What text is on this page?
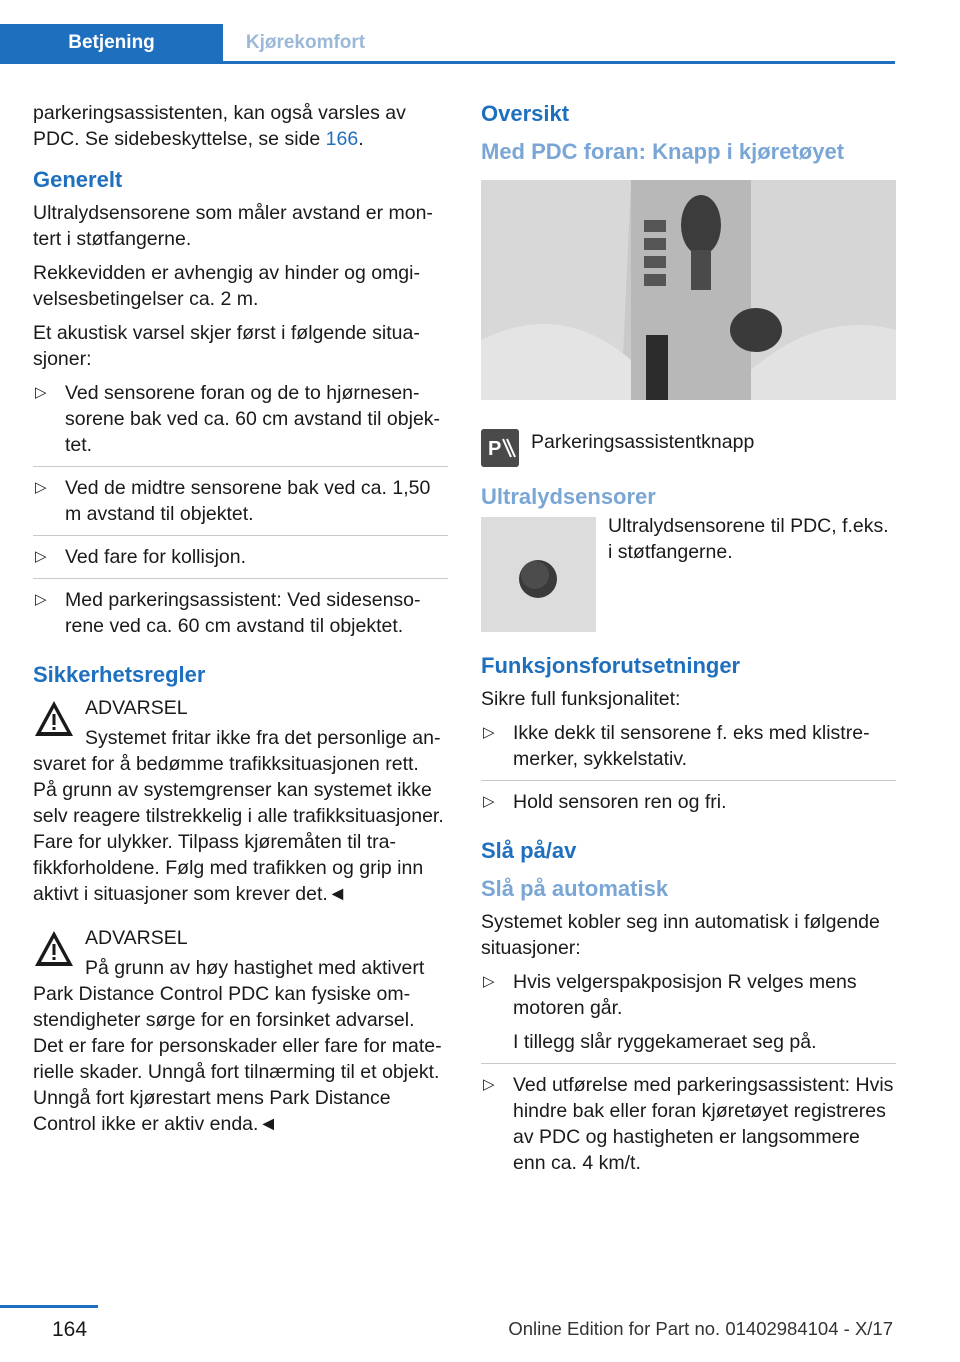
Betjening	Kjørekomfort

parkeringsassistenten, kan også varsles av PDC. Se sidebeskyttelse, se side 166.

Generelt

Ultralydsensorene som måler avstand er montert i støtfangerne.

Rekkevidden er avhengig av hinder og omgivelsesbetingelser ca. 2 m.

Et akustisk varsel skjer først i følgende situasjoner:

▷ Ved sensorene foran og de to hjørnesensorene bak ved ca. 60 cm avstand til objektet.
▷ Ved de midtre sensorene bak ved ca. 1,50 m avstand til objektet.
▷ Ved fare for kollisjon.
▷ Med parkeringsassistent: Ved sidesensorene ved ca. 60 cm avstand til objektet.
Sikkerhetsregler

ADVARSEL

Systemet fritar ikke fra det personlige ansvaret for å bedømme trafikksituasjonen rett. På grunn av systemgrenser kan systemet ikke selv reagere tilstrekkelig i alle trafikksituasjoner. Fare for ulykker. Tilpass kjøremåten til trafikkforholdene. Følg med trafikken og grip inn aktivt i situasjoner som krever det.◄

ADVARSEL

På grunn av høy hastighet med aktivert Park Distance Control PDC kan fysiske omstendigheter sørge for en forsinket advarsel. Det er fare for personskader eller fare for materielle skader. Unngå fort tilnærming til et objekt. Unngå fort kjørestart mens Park Distance Control ikke er aktiv enda.◄

Oversikt
Med PDC foran: Knapp i kjøretøyet
P Parkeringsassistentknapp
Ultralydsensorer

Ultralydsensorene til PDC, f.eks. i støtfangerne.

Funksjonsforutsetninger

Sikre full funksjonalitet:

▷ Ikke dekk til sensorene f. eks med klistremerker, sykkelstativ.
▷ Hold sensoren ren og fri.
Slå på/av
Slå på automatisk

Systemet kobler seg inn automatisk i følgende situasjoner:

▷ Hvis velgerspakposisjon R velges mens motoren går.
I tillegg slår ryggekameraet seg på.
▷ Ved utførelse med parkeringsassistent: Hvis hindre bak eller foran kjøretøyet registreres av PDC og hastigheten er langsommere enn ca. 4 km/t.
164	Online Edition for Part no. 01402984104 - X/17
